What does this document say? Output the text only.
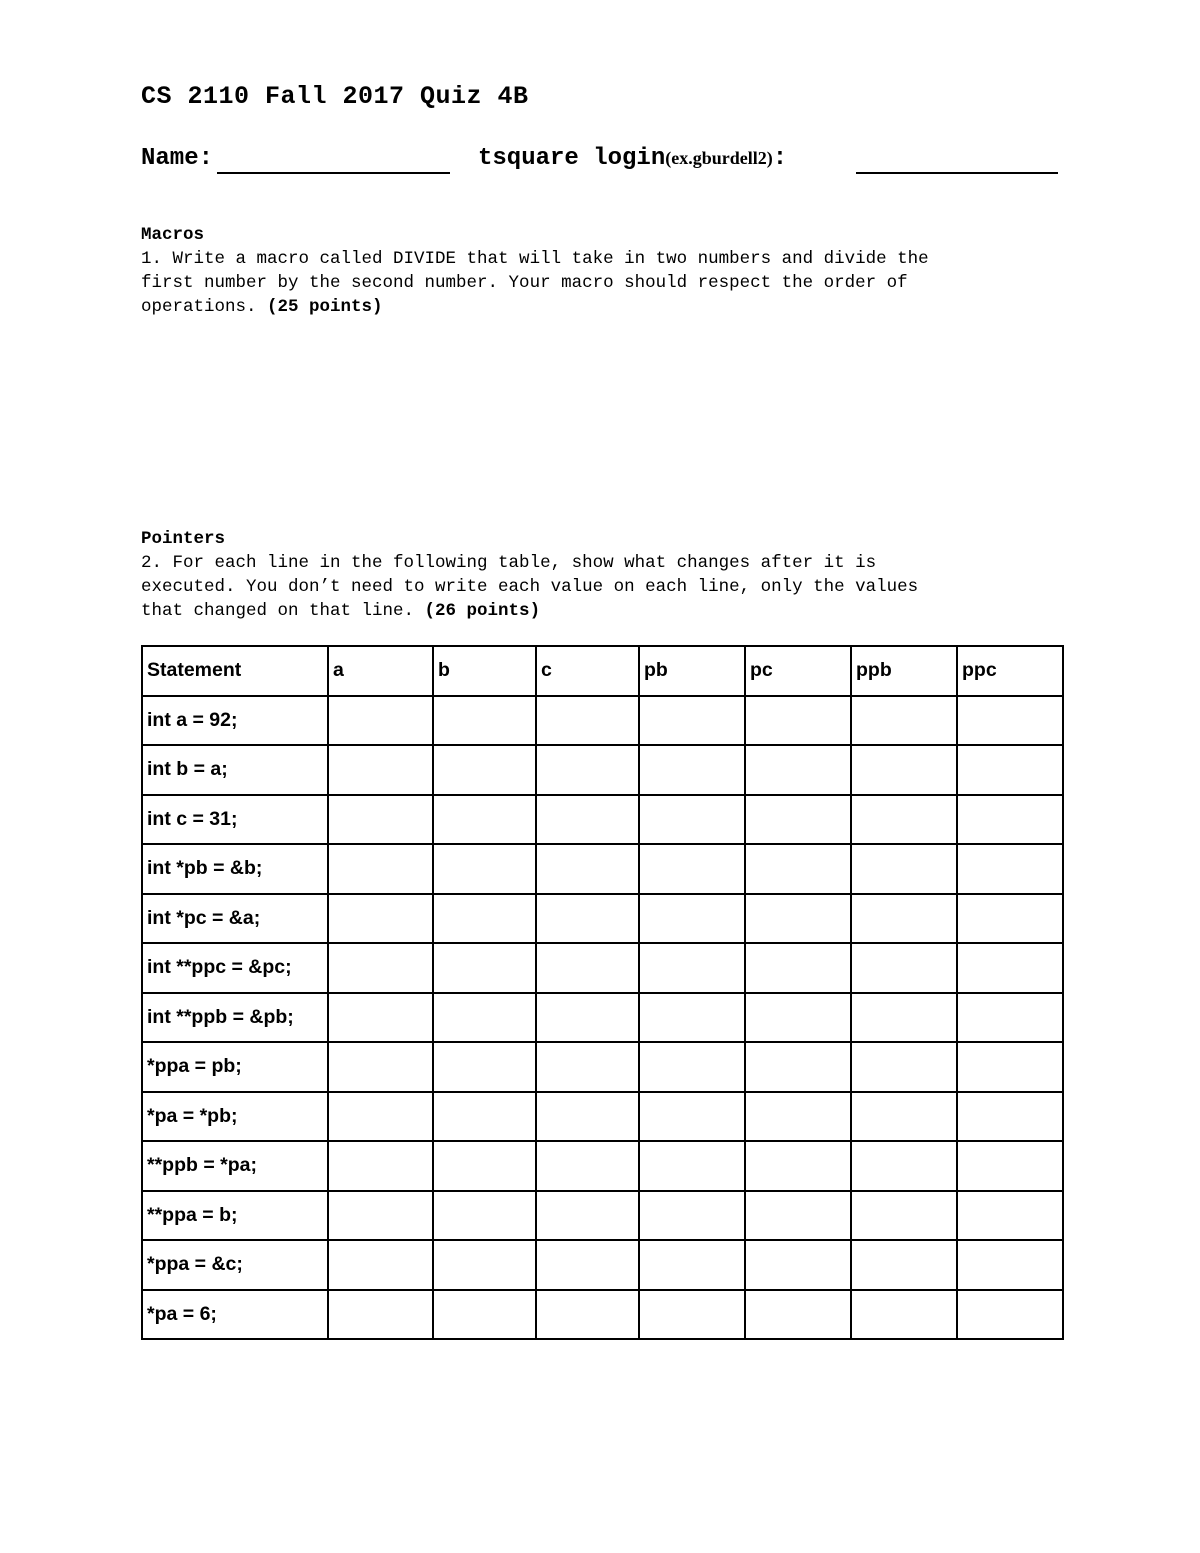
CS 2110 Fall 2017 Quiz 4B
Name:	tsquare login(ex.gburdell2):

Macros

1. Write a macro called DIVIDE that will take in two numbers and divide the
first number by the second number. Your macro should respect the order of
operations. (25 points)

Pointers

2. For each line in the following table, show what changes after it is
executed. You don’t need to write each value on each line, only the values
that changed on that line. (26 points)

Statement	a	b	c	pb	pc	ppb	ppc
int a = 92;							
int b = a;							
int c = 31;							
int *pb = &b;							
int *pc = &a;							
int **ppc = &pc;							
int **ppb = &pb;							
*ppa = pb;							
*pa = *pb;							
**ppb = *pa;							
**ppa = b;							
*ppa = &c;							
*pa = 6;							
